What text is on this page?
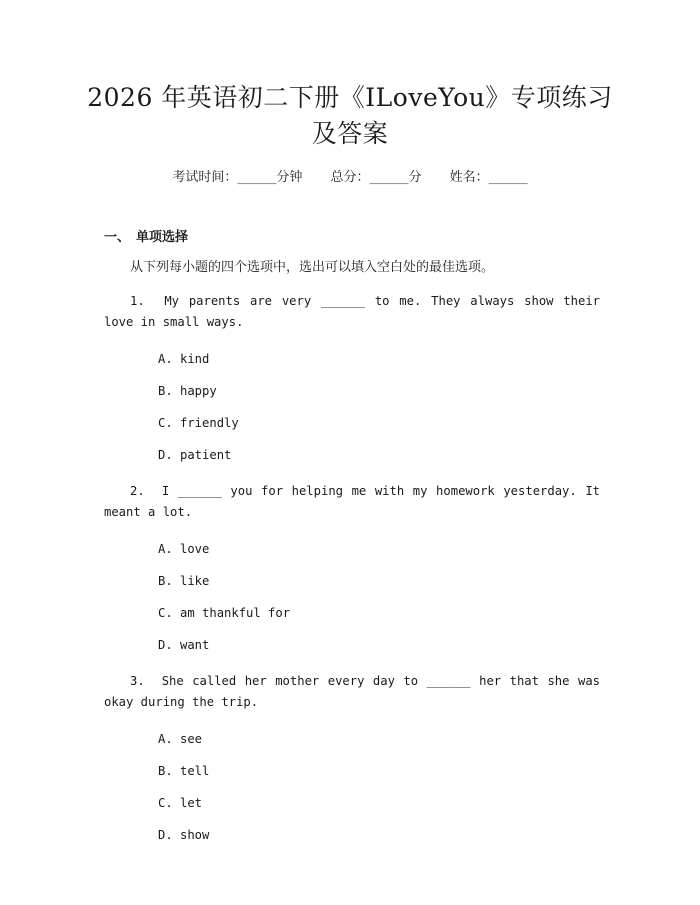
2026 年英语初二下册《ILoveYou》专项练习
及答案
考试时间：______分钟 总分：______分 姓名：______
一、 单项选择
从下列每小题的四个选项中，选出可以填入空白处的最佳选项。

1. My parents are very ______ to me. They always show their love in small ways.

A. kind
B. happy
C. friendly
D. patient

2. I ______ you for helping me with my homework yesterday. It meant a lot.

A. love
B. like
C. am thankful for
D. want

3. She called her mother every day to ______ her that she was okay during the trip.

A. see
B. tell
C. let
D. show
